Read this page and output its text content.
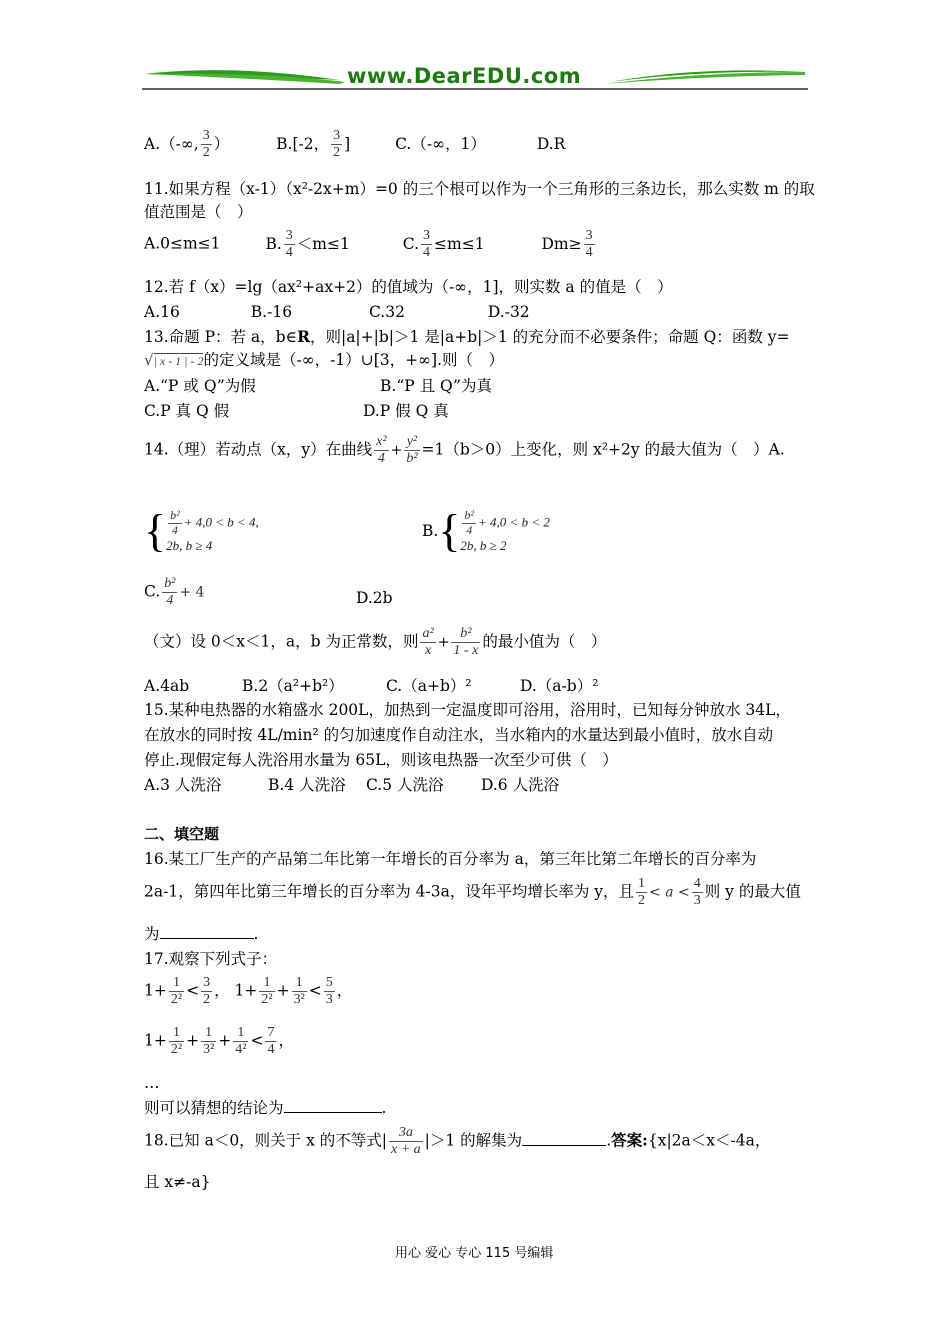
www.DearEDU.com
A.（-∞, $\frac{3}{2}$ ）	B.[-2， $\frac{3}{2}$ ]	C.（-∞，1）	D.R
11.如果方程（x-1）（x²-2x+m）=0 的三个根可以作为一个三角形的三条边长，那么实数 m 的取
值范围是（　）
A.0≤m≤1	B. $\frac{3}{4} <m\le 1$	C. $\frac{3}{4} \le m\le 1$	$Dm\ge \frac{3}{4}$
12.若 f（x）=lg（ax²+ax+2）的值域为（-∞，1]，则实数 a 的值是（　）
A.16	B.-16	C.32	D.-32
13.命题 P：若 a，b∈R，则|a|+|b|＞1 是|a+b|＞1 的充分而不必要条件；命题 Q：函数 y=
√| x - 1 | - 2的定义域是（-∞，-1）∪[3，+∞].则（　）
A.“P 或 Q”为假	B.“P 且 Q”为真
C.P 真 Q 假	D.P 假 Q 真
14.（理）若动点（x，y）在曲线 $\frac{\text{x²}}{4} + \frac{\text{y²}}{\text{b²}} =1(b>0)$上变化，则 x²+2y 的最大值为（　）A.
{ $\frac{\text{b²}}{4} + 4,0 < b < 4$,
2b, b ≥ 4
$B.\{ \frac{\text{b²}}{4} + 4,0 < b < 2$
2b, b ≥ 2
C. $\frac{\text{b²}}{4} + 4$	D.2b
（文）设 0＜x＜1，a，b 为正常数，则 $\frac{\text{a²}}{x} + \frac{\text{b²}}{1 - x}$ 的最小值为（　）
A.4ab	B.2（a²+b²）	C.（a+b）²	D.（a-b）²
15.某种电热器的水箱盛水 200L，加热到一定温度即可浴用，浴用时，已知每分钟放水 34L，
在放水的同时按 4L/min² 的匀加速度作自动注水，当水箱内的水量达到最小值时，放水自动
停止.现假定每人洗浴用水量为 65L，则该电热器一次至少可供（　）
A.3 人洗浴	B.4 人洗浴 C.5 人洗浴 D.6 人洗浴
二、填空题
16.某工厂生产的产品第二年比第一年增长的百分率为 a，第三年比第二年增长的百分率为
2a-1，第四年比第三年增长的百分率为 4-3a，设年平均增长率为 y，且 $\frac{1}{2} < a < \frac{4}{3}$ 则 y 的最大值
为	.
17.观察下列式子：
$1+ \frac{1}{\text{2²}} < \frac{3}{2}$ ， $1+ \frac{1}{\text{2²}} + \frac{1}{\text{3²}} < \frac{5}{3}$ ，
$1+ \frac{1}{\text{2²}} + \frac{1}{\text{3²}} + \frac{1}{\text{4²}} < \frac{7}{4}$ ，
…
则可以猜想的结论为	.
18.已知 a＜0，则关于 x 的不等式| $\frac{3a}{x + a} |>1$ 的解集为	.答案:{x|2a＜x＜-4a，
且 x≠-a}
用心 爱心 专心 115 号编辑
